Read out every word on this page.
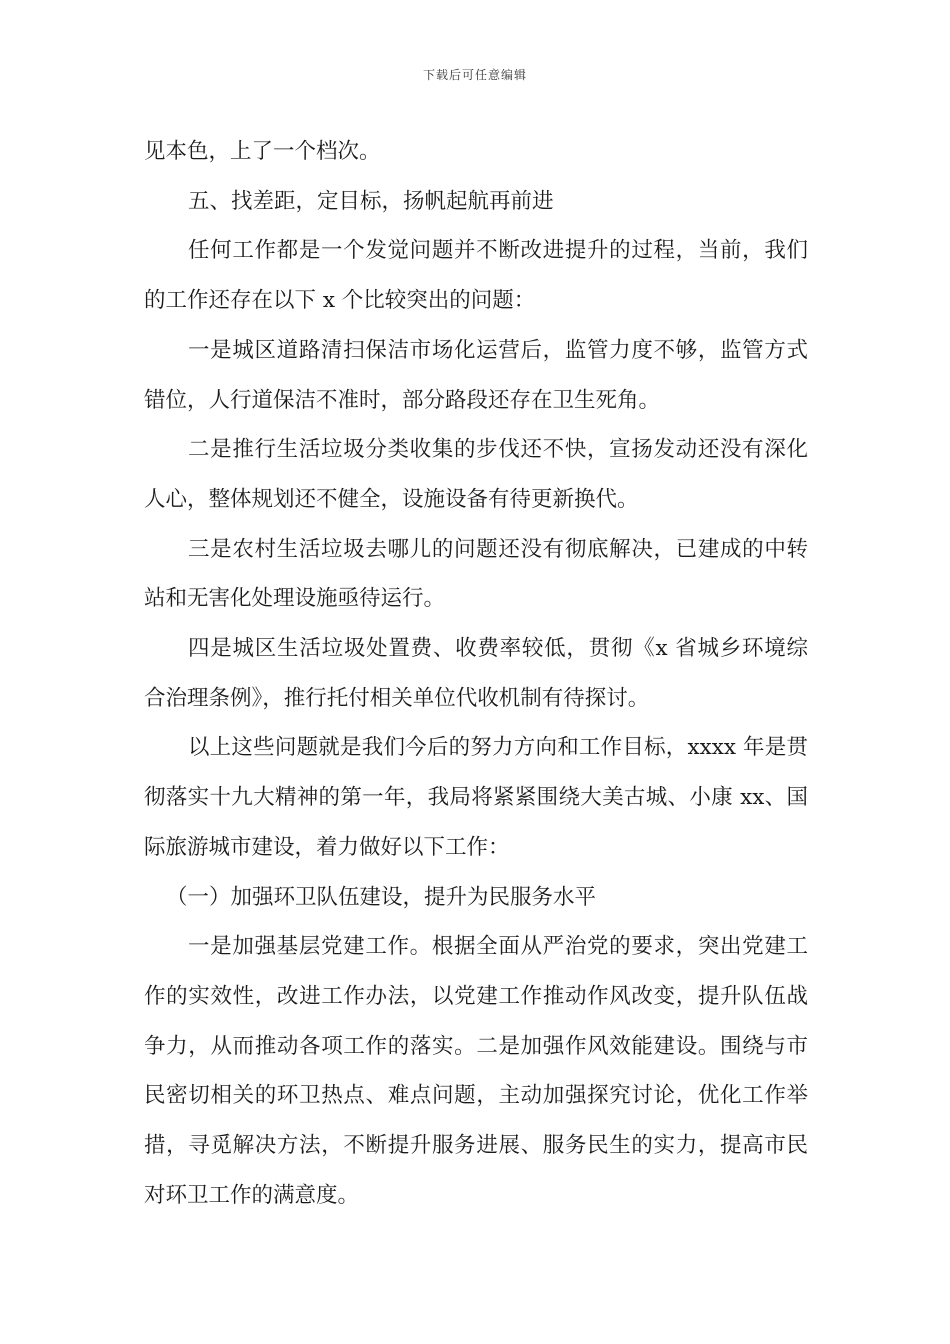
下载后可任意编辑

见本色，上了一个档次。

五、找差距，定目标，扬帆起航再前进

任何工作都是一个发觉问题并不断改进提升的过程，当前，我们的工作还存在以下 x 个比较突出的问题：

一是城区道路清扫保洁市场化运营后，监管力度不够，监管方式错位，人行道保洁不准时，部分路段还存在卫生死角。

二是推行生活垃圾分类收集的步伐还不快，宣扬发动还没有深化人心，整体规划还不健全，设施设备有待更新换代。

三是农村生活垃圾去哪儿的问题还没有彻底解决，已建成的中转站和无害化处理设施亟待运行。

四是城区生活垃圾处置费、收费率较低，贯彻《x 省城乡环境综合治理条例》，推行托付相关单位代收机制有待探讨。

以上这些问题就是我们今后的努力方向和工作目标，xxxx 年是贯彻落实十九大精神的第一年，我局将紧紧围绕大美古城、小康 xx、国际旅游城市建设，着力做好以下工作：

（一）加强环卫队伍建设，提升为民服务水平

一是加强基层党建工作。根据全面从严治党的要求，突出党建工作的实效性，改进工作办法，以党建工作推动作风改变，提升队伍战争力，从而推动各项工作的落实。二是加强作风效能建设。围绕与市民密切相关的环卫热点、难点问题，主动加强探究讨论，优化工作举措，寻觅解决方法，不断提升服务进展、服务民生的实力，提高市民对环卫工作的满意度。
